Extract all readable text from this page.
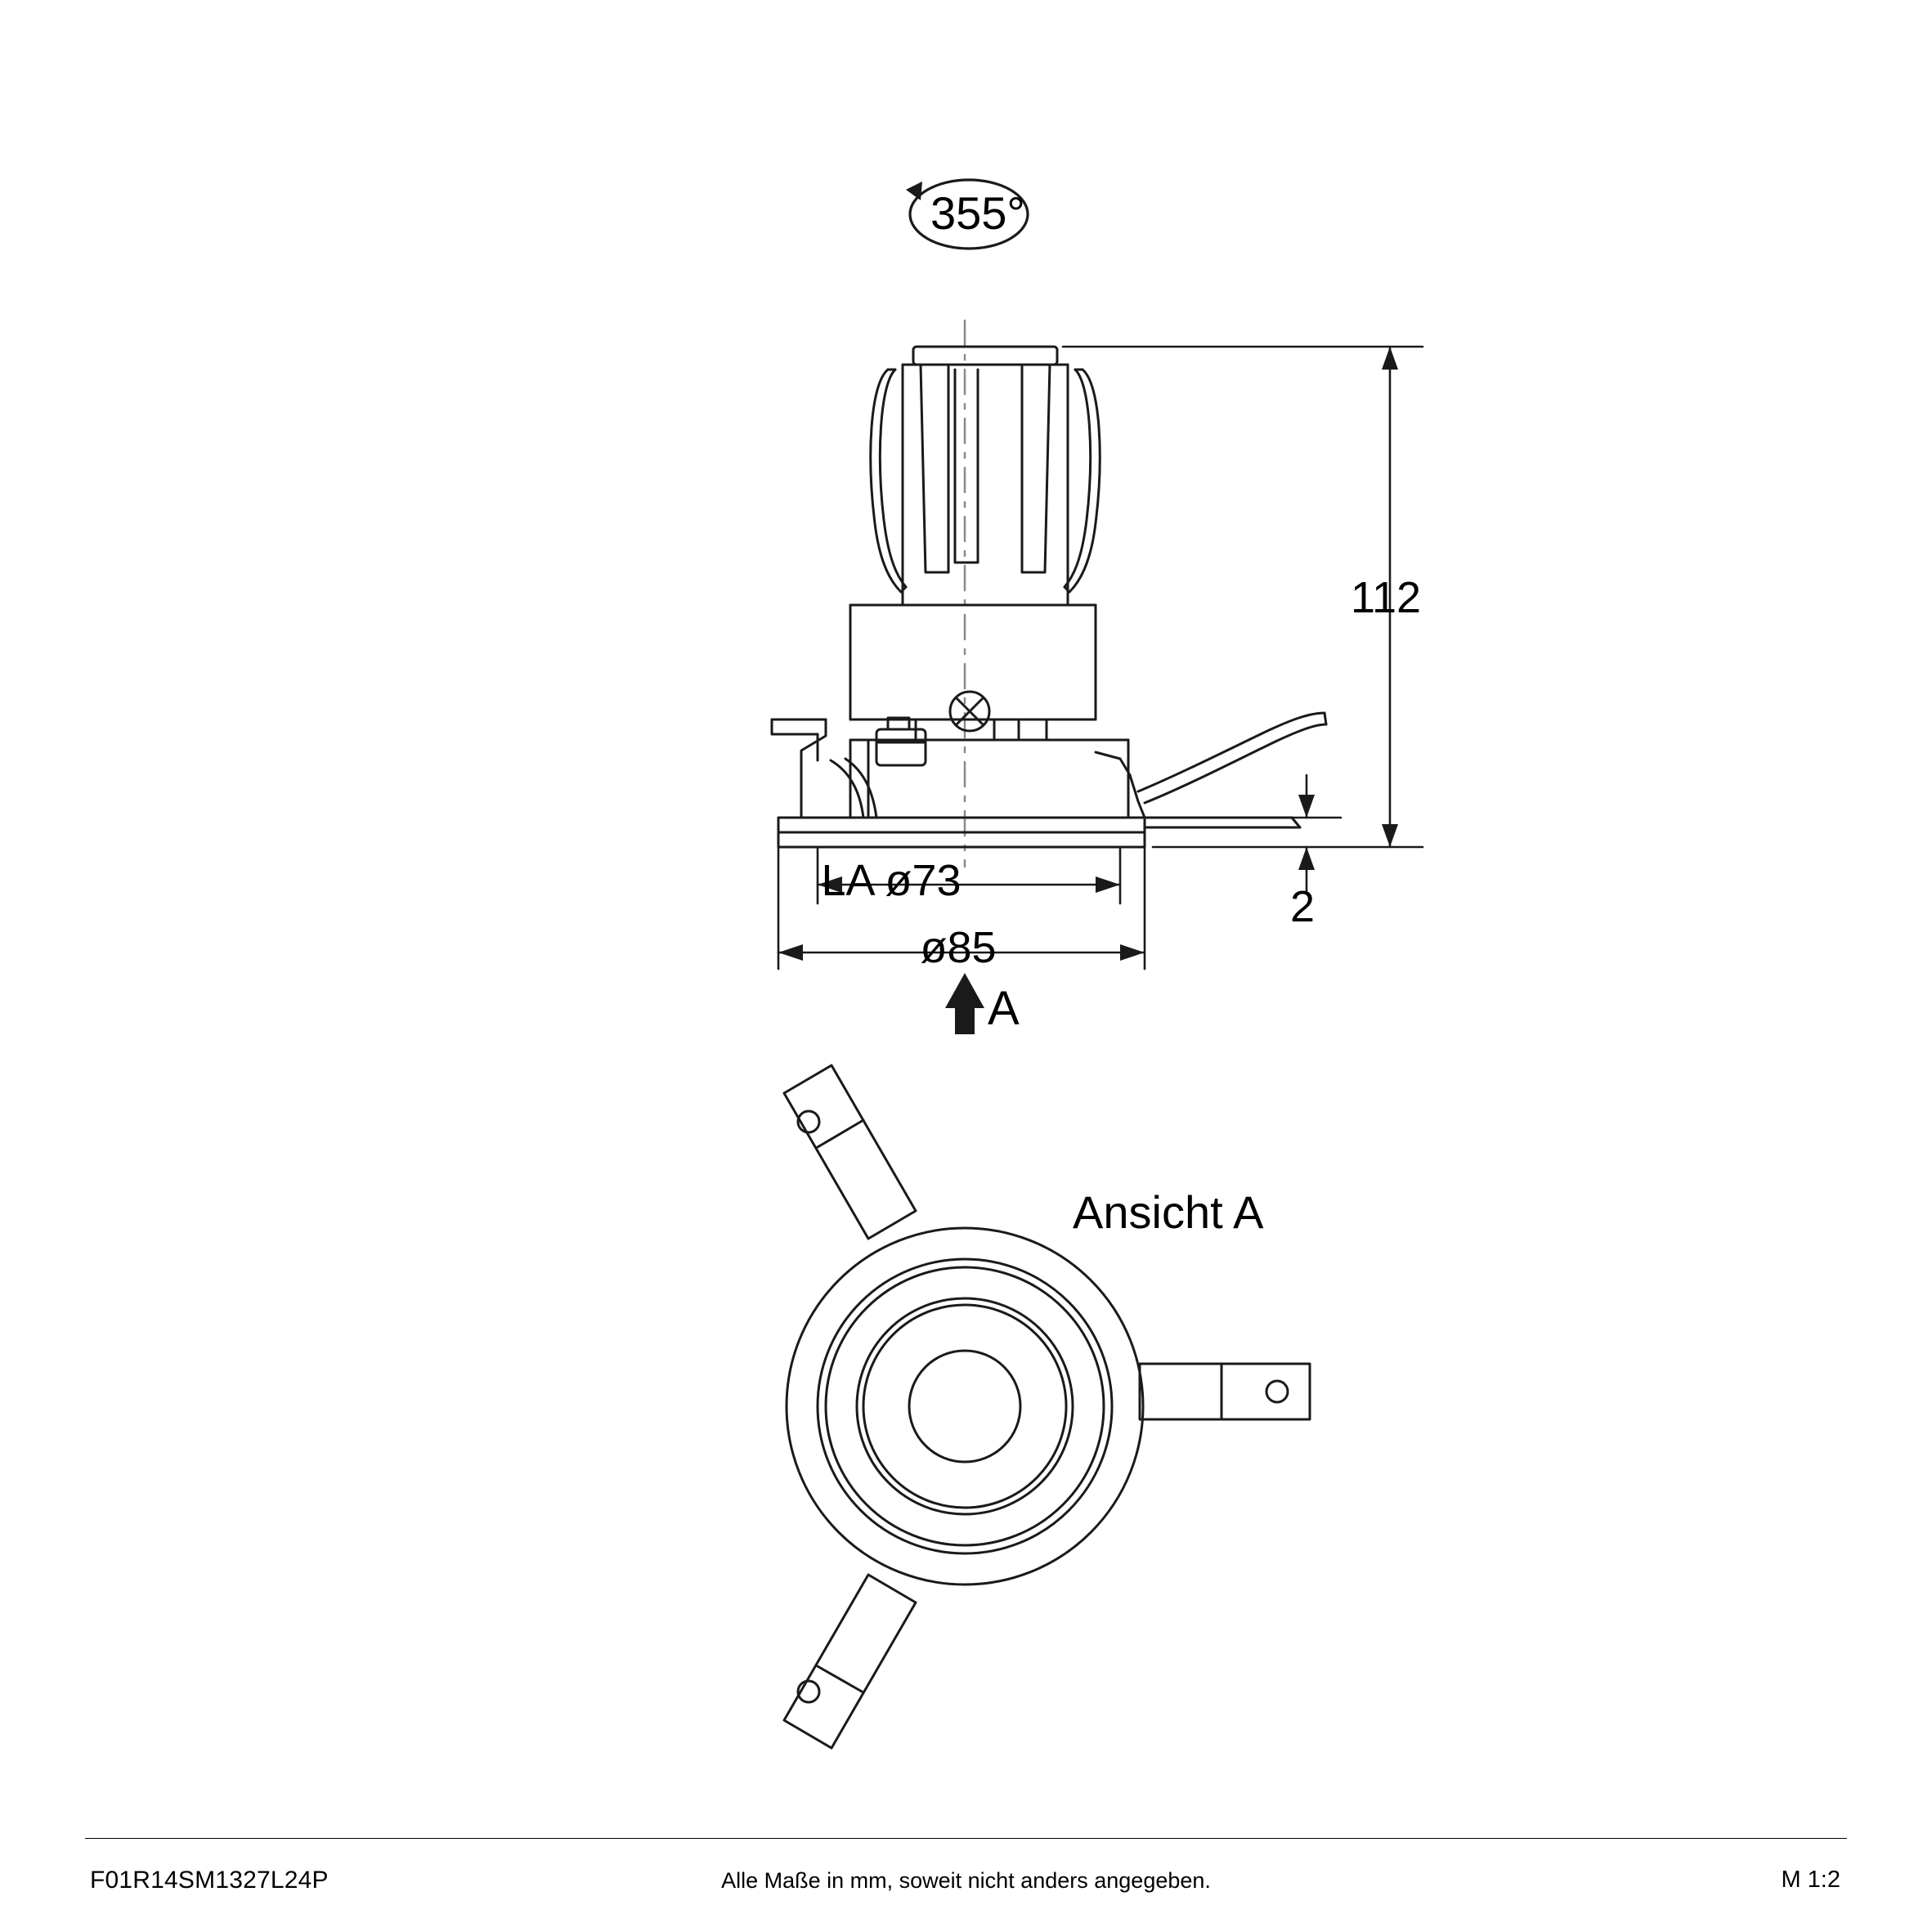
355°
112
2
LA ø73
ø85
A
Ansicht A
F01R14SM1327L24P	Alle Maße in mm, soweit nicht anders angegeben.	M 1:2
